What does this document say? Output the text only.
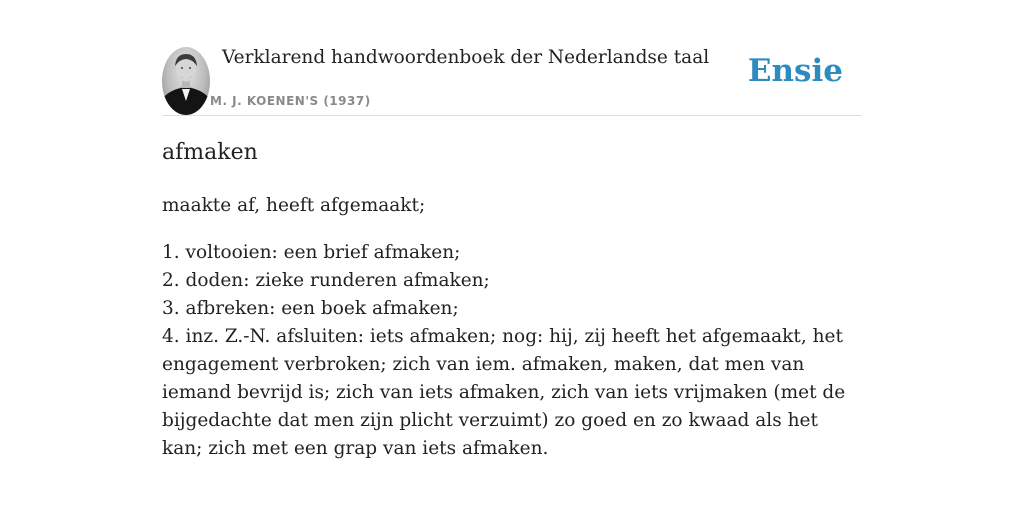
Verklarend handwoordenboek der Nederlandse taal
M. J. KOENEN'S (1937)
Ensie
afmaken
maakte af, heeft afgemaakt;

1. voltooien: een brief afmaken;

2. doden: zieke runderen afmaken;

3. afbreken: een boek afmaken;

4. inz. Z.-N. afsluiten: iets afmaken; nog: hij, zij heeft het afgemaakt, het engagement verbroken; zich van iem. afmaken, maken, dat men van iemand bevrijd is; zich van iets afmaken, zich van iets vrijmaken (met de bijgedachte dat men zijn plicht verzuimt) zo goed en zo kwaad als het kan; zich met een grap van iets afmaken.
